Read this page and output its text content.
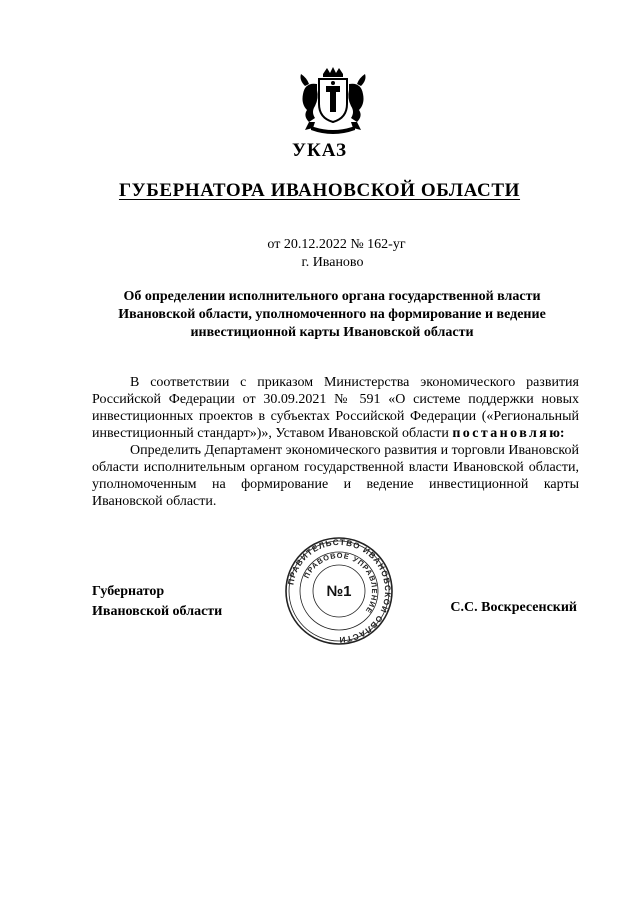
УКАЗ
ГУБЕРНАТОРА ИВАНОВСКОЙ ОБЛАСТИ
от 20.12.2022 № 162-уг
г. Иваново
Об определении исполнительного органа государственной власти Ивановской области, уполномоченного на формирование и ведение инвестиционной карты Ивановской области

В соответствии с приказом Министерства экономического развития Российской Федерации от 30.09.2021 № 591 «О системе поддержки новых инвестиционных проектов в субъектах Российской Федерации («Региональный инвестиционный стандарт»)», Уставом Ивановской области постановляю:

Определить Департамент экономического развития и торговли Ивановской области исполнительным органом государственной власти Ивановской области, уполномоченным на формирование и ведение инвестиционной карты Ивановской области.

Губернатор
Ивановской области
ПРАВИТЕЛЬСТВО ИВАНОВСКОЙ ОБЛАСТИ
ПРАВОВОЕ УПРАВЛЕНИЕ
№1
С.С. Воскресенский
